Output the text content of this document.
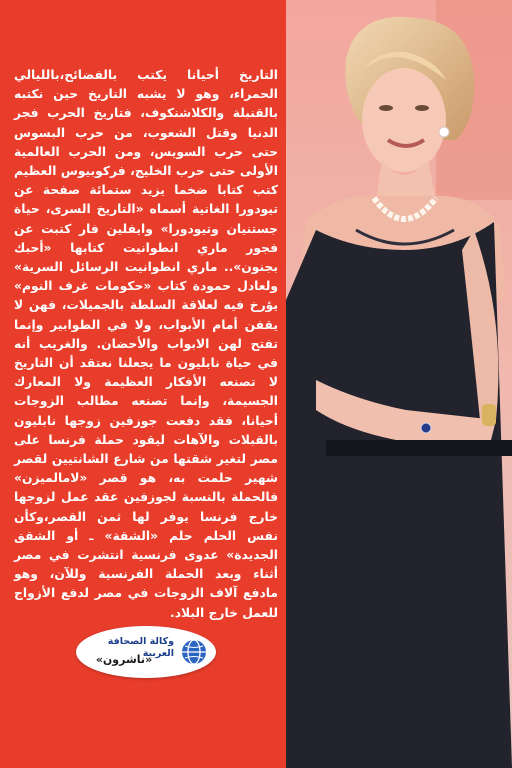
التاريخ أحيانا يكتب بالفضائح،بالليالي الحمراء، وهو لا يشبه التاريخ حين نكتبه بالقنبلة والكلاشنكوف، فتاريخ الحرب فجر الدنيا وقتل الشعوب، من حرب البسوس حتى حرب السويس، ومن الحرب العالمية الأولى حتى حرب الخليج، فركوبيوس العظيم كتب كتابا ضخما يزيد ستمائة صفحة عن تيودورا الغانية أسماه «التاريخ السرى، حياة جستنيان وتيودورا» وايفلين فار كتبت عن فجور ماري انطوانيت كتابها «أحبك بجنون».. ماري انطوانيت الرسائل السرية» ولعادل حمودة كتاب «حكومات غرف النوم» يؤرخ فيه لعلاقة السلطة بالجميلات، فهن لا يقفن أمام الأبواب، ولا في الطوابير وإنما تفتح لهن الابواب والأحضان. والغريب أنه في حياة نابليون ما يجعلنا نعتقد أن التاريخ لا تصنعه الأفكار العظيمة ولا المعارك الجسيمة، وإنما تصنعه مطالب الزوجات أحيانا، فقد دفعت جوزفين زوجها نابليون بالقبلات والآهات ليقود حملة فرنسا على مصر لتغير شقتها من شارع الشانتيين لقصر شهير حلمت به، هو قصر «لامالميزن» فالحملة بالنسبة لجوزفين عقد عمل لزوجها خارج فرنسا يوفر لها ثمن القصر،وكأن نفس الحلم حلم «الشقة» ـ أو الشقق الجديدة» عدوى فرنسية انتشرت في مصر أثناء وبعد الحملة الفرنسية وللآن، وهو مادفع آلاف الزوجات في مصر لدفع الأزواج للعمل خارج البلاد.
وكالة الصحافة العربية
«ناشرون»
